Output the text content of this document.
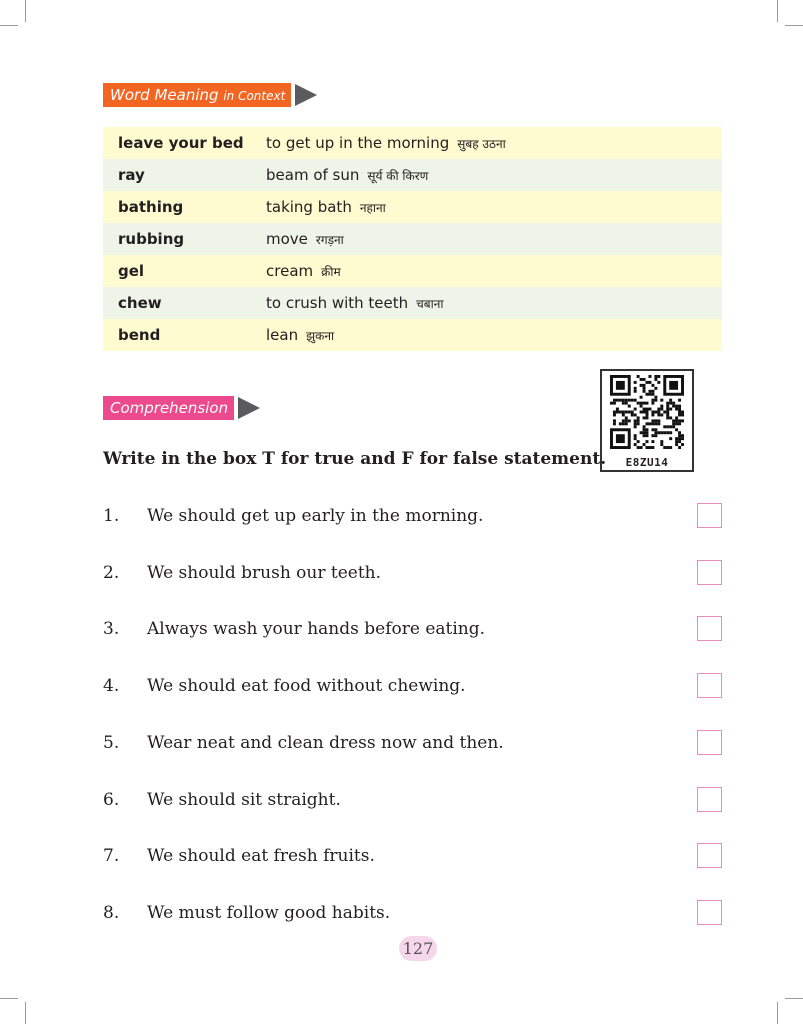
Word Meaning in Context
leave your bed	to get up in the morning सुबह उठना
ray	beam of sun सूर्य की किरण
bathing	taking bath नहाना
rubbing	move रगड़ना
gel	cream क्रीम
chew	to crush with teeth चबाना
bend	lean झुकना
Comprehension
E8ZU14
Write in the box T for true and F for false statement.
1. We should get up early in the morning.
2. We should brush our teeth.
3. Always wash your hands before eating.
4. We should eat food without chewing.
5. Wear neat and clean dress now and then.
6. We should sit straight.
7. We should eat fresh fruits.
8. We must follow good habits.
127
